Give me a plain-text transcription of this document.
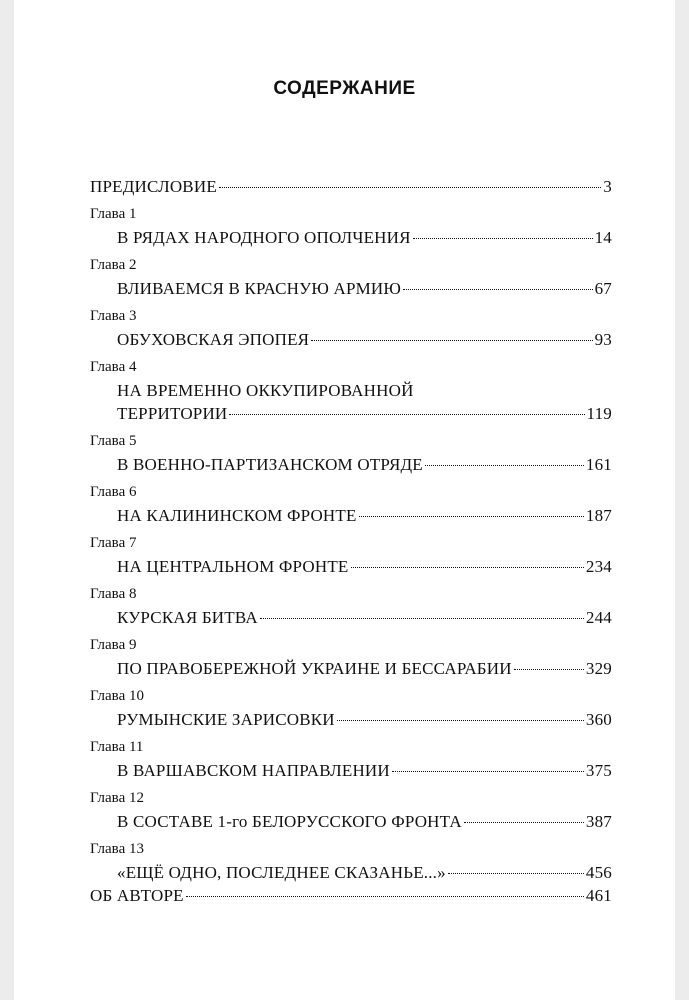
СОДЕРЖАНИЕ
ПРЕДИСЛОВИЕ	3
Глава 1
В РЯДАХ НАРОДНОГО ОПОЛЧЕНИЯ	14
Глава 2
ВЛИВАЕМСЯ В КРАСНУЮ АРМИЮ	67
Глава 3
ОБУХОВСКАЯ ЭПОПЕЯ	93
Глава 4
НА ВРЕМЕННО ОККУПИРОВАННОЙ
ТЕРРИТОРИИ	119
Глава 5
В ВОЕННО-ПАРТИЗАНСКОМ ОТРЯДЕ	161
Глава 6
НА КАЛИНИНСКОМ ФРОНТЕ	187
Глава 7
НА ЦЕНТРАЛЬНОМ ФРОНТЕ	234
Глава 8
КУРСКАЯ БИТВА	244
Глава 9
ПО ПРАВОБЕРЕЖНОЙ УКРАИНЕ И БЕССАРАБИИ	329
Глава 10
РУМЫНСКИЕ ЗАРИСОВКИ	360
Глава 11
В ВАРШАВСКОМ НАПРАВЛЕНИИ	375
Глава 12
В СОСТАВЕ 1-го БЕЛОРУССКОГО ФРОНТА	387
Глава 13
«ЕЩЁ ОДНО, ПОСЛЕДНЕЕ СКАЗАНЬЕ...»	456
ОБ АВТОРЕ	461
